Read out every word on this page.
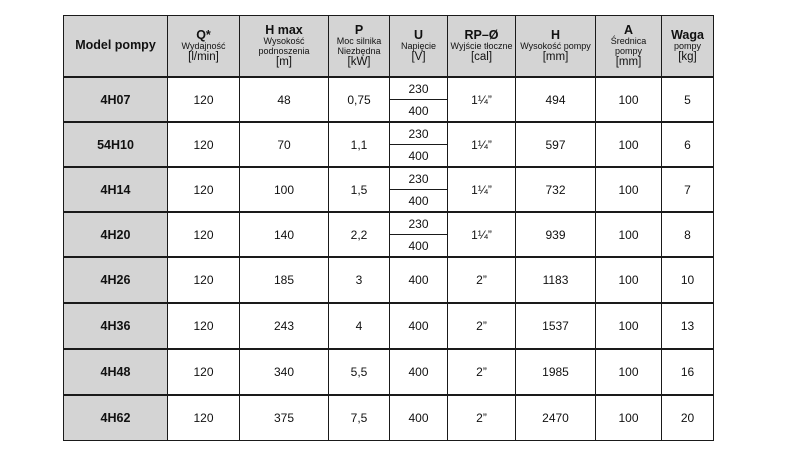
Model pompy	Q*
Wydajność
[l/min]	H max
Wysokość podnoszenia
[m]	P
Moc silnika Niezbędna
[kW]	U
Napięcie
[V]	RP–Ø
Wyjście tłoczne
[cal]	H
Wysokość pompy
[mm]	A
Średnica pompy
[mm]	Waga
pompy
[kg]

4H07	120	48	0,75	230	1¼”	494	100	5
				400				
54H10	120	70	1,1	230	1¼”	597	100	6
				400				
4H14	120	100	1,5	230	1¼”	732	100	7
				400				
4H20	120	140	2,2	230	1¼”	939	100	8
				400				
4H26	120	185	3	400	2”	1183	100	10
4H36	120	243	4	400	2”	1537	100	13
4H48	120	340	5,5	400	2”	1985	100	16
4H62	120	375	7,5	400	2”	2470	100	20
